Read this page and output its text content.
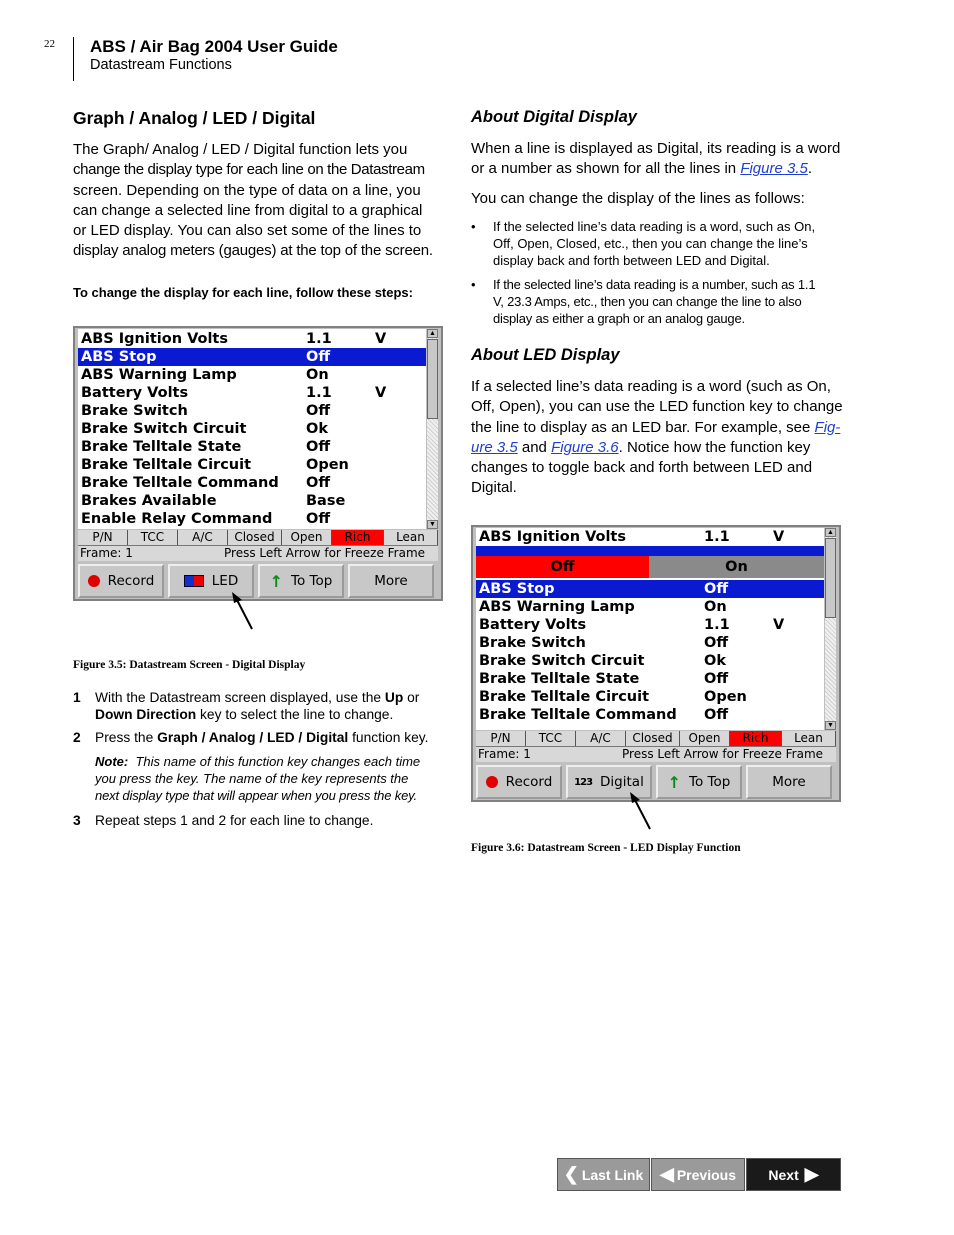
22 ABS / Air Bag 2004 User Guide
Datastream Functions
Graph / Analog / LED / Digital
The Graph/ Analog / LED / Digital function lets you
change the display type for each line on the Datastream
screen. Depending on the type of data on a line, you
can change a selected line from digital to a graphical
or LED display. You can also set some of the lines to
display analog meters (gauges) at the top of the screen.
To change the display for each line, follow these steps:
ABS Ignition Volts	1.1	V
ABS Stop	Off
ABS Warning Lamp	On
Battery Volts	1.1	V
Brake Switch	Off
Brake Switch Circuit	Ok
Brake Telltale State	Off
Brake Telltale Circuit	Open
Brake Telltale Command Off
Brakes Available	Base
Enable Relay Command Off
▲
▼
P/N	TCC	A/C	Closed	Open	Rich	Lean
Frame: 1	Press Left Arrow for Freeze Frame
Record	LED ↑ To Top	More
Figure 3.5: Datastream Screen - Digital Display
1 With the Datastream screen displayed, use the Up or
Down Direction key to select the line to change.
2 Press the Graph / Analog / LED / Digital function key.
Note: This name of this function key changes each time
you press the key. The name of the key represents the
next display type that will appear when you press the key.
3 Repeat steps 1 and 2 for each line to change.
About Digital Display
When a line is displayed as Digital, its reading is a word
or a number as shown for all the lines in Figure 3.5.
You can change the display of the lines as follows:
• If the selected line’s data reading is a word, such as On,
Off, Open, Closed, etc., then you can change the line’s
display back and forth between LED and Digital.
• If the selected line’s data reading is a number, such as 1.1
V, 23.3 Amps, etc., then you can change the line to also
display as either a graph or an analog gauge.
About LED Display
If a selected line’s data reading is a word (such as On,
Off, Open), you can use the LED function key to change
the line to display as an LED bar. For example, see Fig-
ure 3.5 and Figure 3.6. Notice how the function key
changes to toggle back and forth between LED and
Digital.
ABS Ignition Volts	1.1	V
Off	On
ABS Stop	Off
ABS Warning Lamp	On
Battery Volts	1.1	V
Brake Switch	Off
Brake Switch Circuit	Ok
Brake Telltale State	Off
Brake Telltale Circuit	Open
Brake Telltale Command Off
▲
▼
P/N	TCC	A/C	Closed	Open	Rich	Lean
Frame: 1	Press Left Arrow for Freeze Frame
Record 123 Digital ↑ To Top	More
Figure 3.6: Datastream Screen - LED Display Function
❮ Last Link ◀ Previous Next ▶
